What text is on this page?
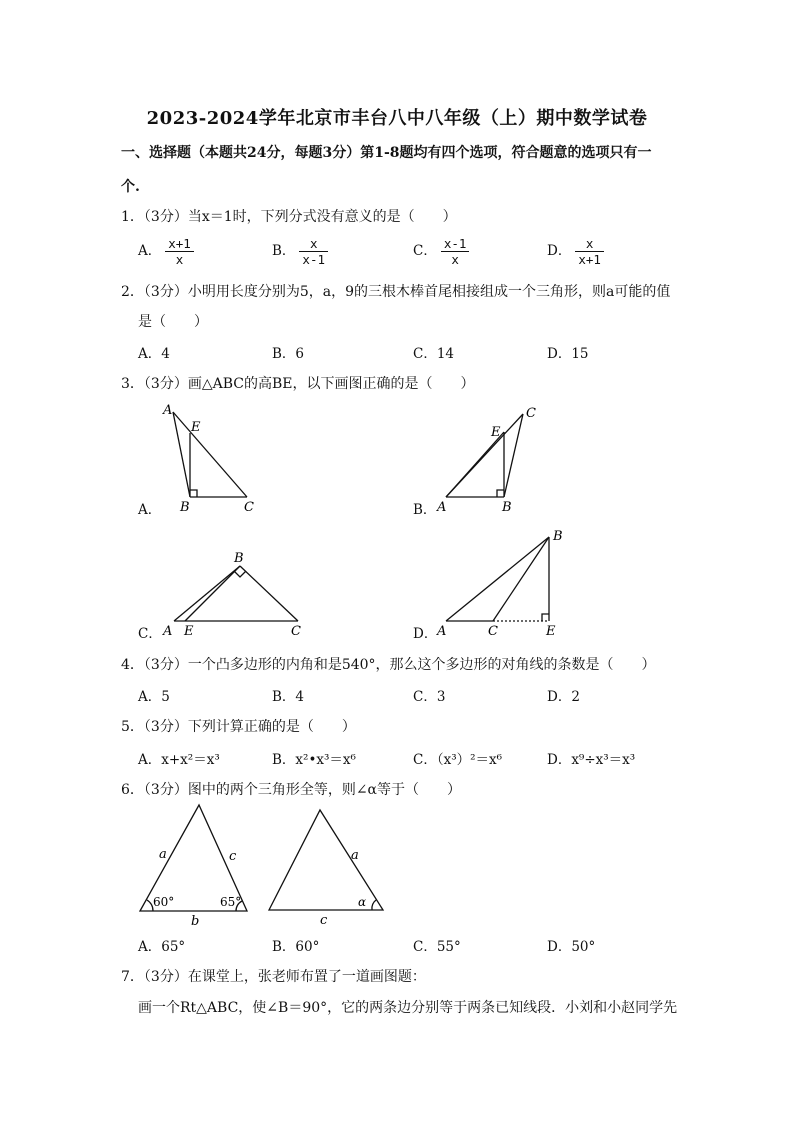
2023-2024学年北京市丰台八中八年级（上）期中数学试卷
一、选择题（本题共24分，每题3分）第1-8题均有四个选项，符合题意的选项只有一
个.
1．（3分）当x＝1时，下列分式没有意义的是（　　）
A． $\frac{x+1}{x}$	B． $\frac{x}{x-1}$	C． $\frac{x-1}{x}$	D． $\frac{x}{x+1}$
2．（3分）小明用长度分别为5，a，9的三根木棒首尾相接组成一个三角形，则a可能的值
是（　　）
A．4	B．6	C．14	D．15
3．（3分）画△ABC的高BE，以下画图正确的是（　　）
A．
A
E
B	C	B．
C
E
A	B
C．
B
A E	C	D．
B
A	C	E
4．（3分）一个凸多边形的内角和是540°，那么这个多边形的对角线的条数是（　　）
A．5	B．4	C．3	D．2
5．（3分）下列计算正确的是（　　）
A．x+x²＝x³	B．x²•x³＝x⁶	C．（x³）²＝x⁶	D．x⁹÷x³＝x³
6．（3分）图中的两个三角形全等，则∠α等于（　　）
a	c
b
60°	65°
a
c
α
A．65°	B．60°	C．55°	D．50°
7．（3分）在课堂上，张老师布置了一道画图题：
画一个Rt△ABC，使∠B＝90°，它的两条边分别等于两条已知线段．小刘和小赵同学先
